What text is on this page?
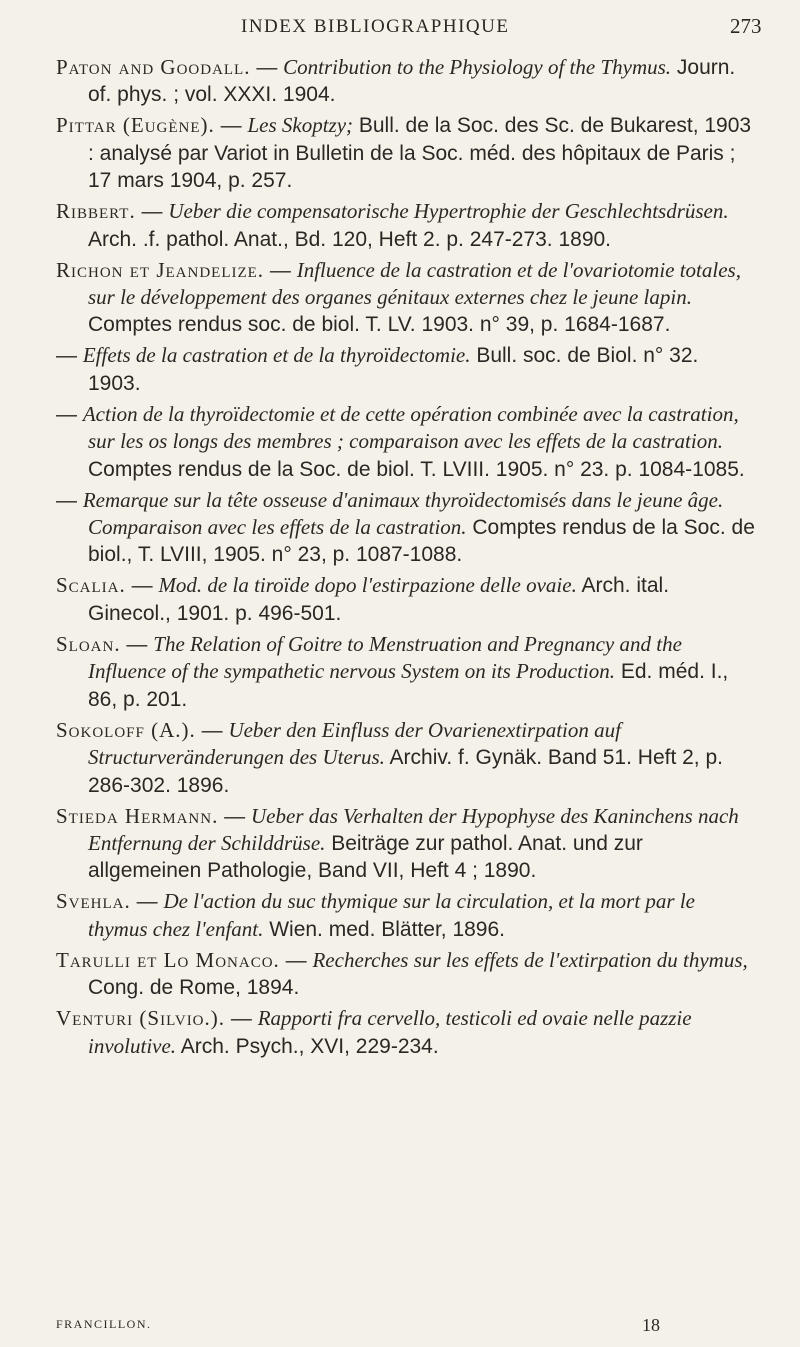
INDEX BIBLIOGRAPHIQUE	273

Paton and Goodall. — Contribution to the Physiology of the Thymus. Journ. of. phys. ; vol. XXXI. 1904.

Pittar (Eugène). — Les Skoptzy; Bull. de la Soc. des Sc. de Bukarest, 1903 : analysé par Variot in Bulletin de la Soc. méd. des hôpitaux de Paris ; 17 mars 1904, p. 257.

Ribbert. — Ueber die compensatorische Hypertrophie der Geschlechtsdrüsen. Arch. .f. pathol. Anat., Bd. 120, Heft 2. p. 247-273. 1890.

Richon et Jeandelize. — Influence de la castration et de l'ovariotomie totales, sur le développement des organes génitaux externes chez le jeune lapin. Comptes rendus soc. de biol. T. LV. 1903. n° 39, p. 1684-1687.

— Effets de la castration et de la thyroïdectomie. Bull. soc. de Biol. n° 32. 1903.

— Action de la thyroïdectomie et de cette opération combinée avec la castration, sur les os longs des membres ; comparaison avec les effets de la castration. Comptes rendus de la Soc. de biol. T. LVIII. 1905. n° 23. p. 1084-1085.

— Remarque sur la tête osseuse d'animaux thyroïdectomisés dans le jeune âge. Comparaison avec les effets de la castration. Comptes rendus de la Soc. de biol., T. LVIII, 1905. n° 23, p. 1087-1088.

Scalia. — Mod. de la tiroïde dopo l'estirpazione delle ovaie. Arch. ital. Ginecol., 1901. p. 496-501.

Sloan. — The Relation of Goitre to Menstruation and Pregnancy and the Influence of the sympathetic nervous System on its Production. Ed. méd. I., 86, p. 201.

Sokoloff (A.). — Ueber den Einfluss der Ovarienextirpation auf Structurveränderungen des Uterus. Archiv. f. Gynäk. Band 51. Heft 2, p. 286-302. 1896.

Stieda Hermann. — Ueber das Verhalten der Hypophyse des Kaninchens nach Entfernung der Schilddrüse. Beiträge zur pathol. Anat. und zur allgemeinen Pathologie, Band VII, Heft 4 ; 1890.

Svehla. — De l'action du suc thymique sur la circulation, et la mort par le thymus chez l'enfant. Wien. med. Blätter, 1896.

Tarulli et Lo Monaco. — Recherches sur les effets de l'extirpation du thymus, Cong. de Rome, 1894.

Venturi (Silvio.). — Rapporti fra cervello, testicoli ed ovaie nelle pazzie involutive. Arch. Psych., XVI, 229-234.

FRANCILLON.	18
